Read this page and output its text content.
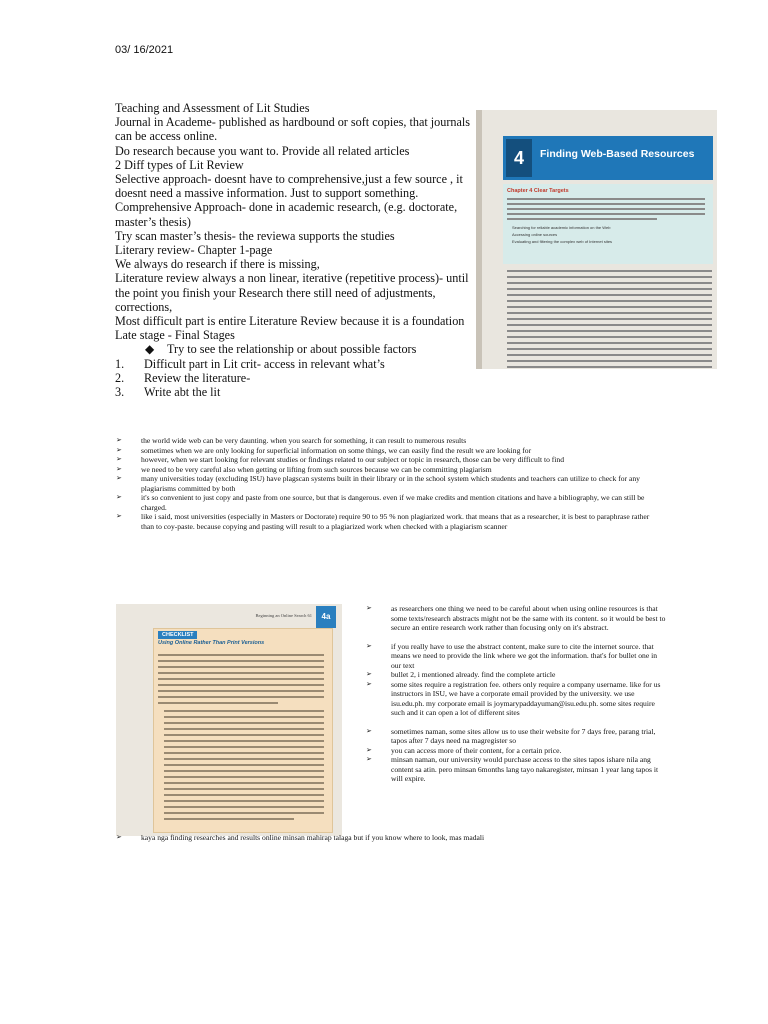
03/ 16/2021
Teaching and Assessment of Lit Studies
Journal in Academe- published as hardbound or soft copies, that journals can be access online.
Do research because you want to. Provide all related articles
2 Diff types of Lit Review
Selective approach- doesnt have to comprehensive,just a few source , it doesnt need a massive information. Just to support something.
Comprehensive Approach- done in academic research, (e.g. doctorate, master’s thesis)
Try scan master’s thesis- the reviewa supports the studies
Literary review- Chapter 1-page
We always do research if there is missing,
Literature review always a non linear, iterative (repetitive process)- until the point you finish your Research there still need of adjustments, corrections,
Most difficult part is entire Literature Review because it is a foundation
Late stage - Final Stages
◆ Try to see the relationship or about possible factors
1. Difficult part in Lit crit- access in relevant what’s
2. Review the literature-
3. Write abt the lit
4	Finding Web-Based Resources
Chapter 4 Clear Targets
Searching for reliable academic information on the Web
Accessing online sources
Evaluating and filtering the complex web of Internet sites
➢	the world wide web can be very daunting. when you search for something, it can result to numerous results
➢	sometimes when we are only looking for superficial information on some things, we can easily find the result we are looking for
➢	however, when we start looking for relevant studies or findings related to our subject or topic in research, those can be very difficult to find
➢	we need to be very careful also when getting or lifting from such sources because we can be committing plagiarism
➢	many universities today (excluding ISU) have plagscan systems built in their library or in the school system which students and teachers can utilize to check for any plagiarisms committed by both
➢	it's so convenient to just copy and paste from one source, but that is dangerous. even if we make credits and mention citations and have a bibliography, we can still be charged.
➢	like i said, most universities (especially in Masters or Doctorate) require 90 to 95 % non plagiarized work. that means that as a researcher, it is best to paraphrase rather than to coy-paste. because copying and pasting will result to a plagiarized work when checked with a plagiarism scanner
Beginning an Online Search 61	4a
CHECKLIST
Using Online Rather Than Print Versions
➢	as researchers one thing we need to be careful about when using online resources is that some texts/research abstracts might not be the same with its content. so it would be best to secure an entire research work rather than focusing only on it's abstract.
➢	if you really have to use the abstract content, make sure to cite the internet source. that means we need to provide the link where we got the information. that's for bullet one in our text
➢	bullet 2, i mentioned already. find the complete article
➢	some sites require a registration fee. others only require a company username. like for us instructors in ISU, we have a corporate email provided by the university. we use isu.edu.ph. my corporate email is joymarypaddayuman@isu.edu.ph. some sites require such and it can open a lot of different sites
➢	sometimes naman, some sites allow us to use their website for 7 days free, parang trial, tapos after 7 days need na magregister so
➢	you can access more of their content, for a certain price.
➢	minsan naman, our university would purchase access to the sites tapos ishare nila ang content sa atin. pero minsan 6months lang tayo nakaregister, minsan 1 year lang tapos it will expire.
➢	kaya nga finding researches and results online minsan mahirap talaga but if you know where to look, mas madali
